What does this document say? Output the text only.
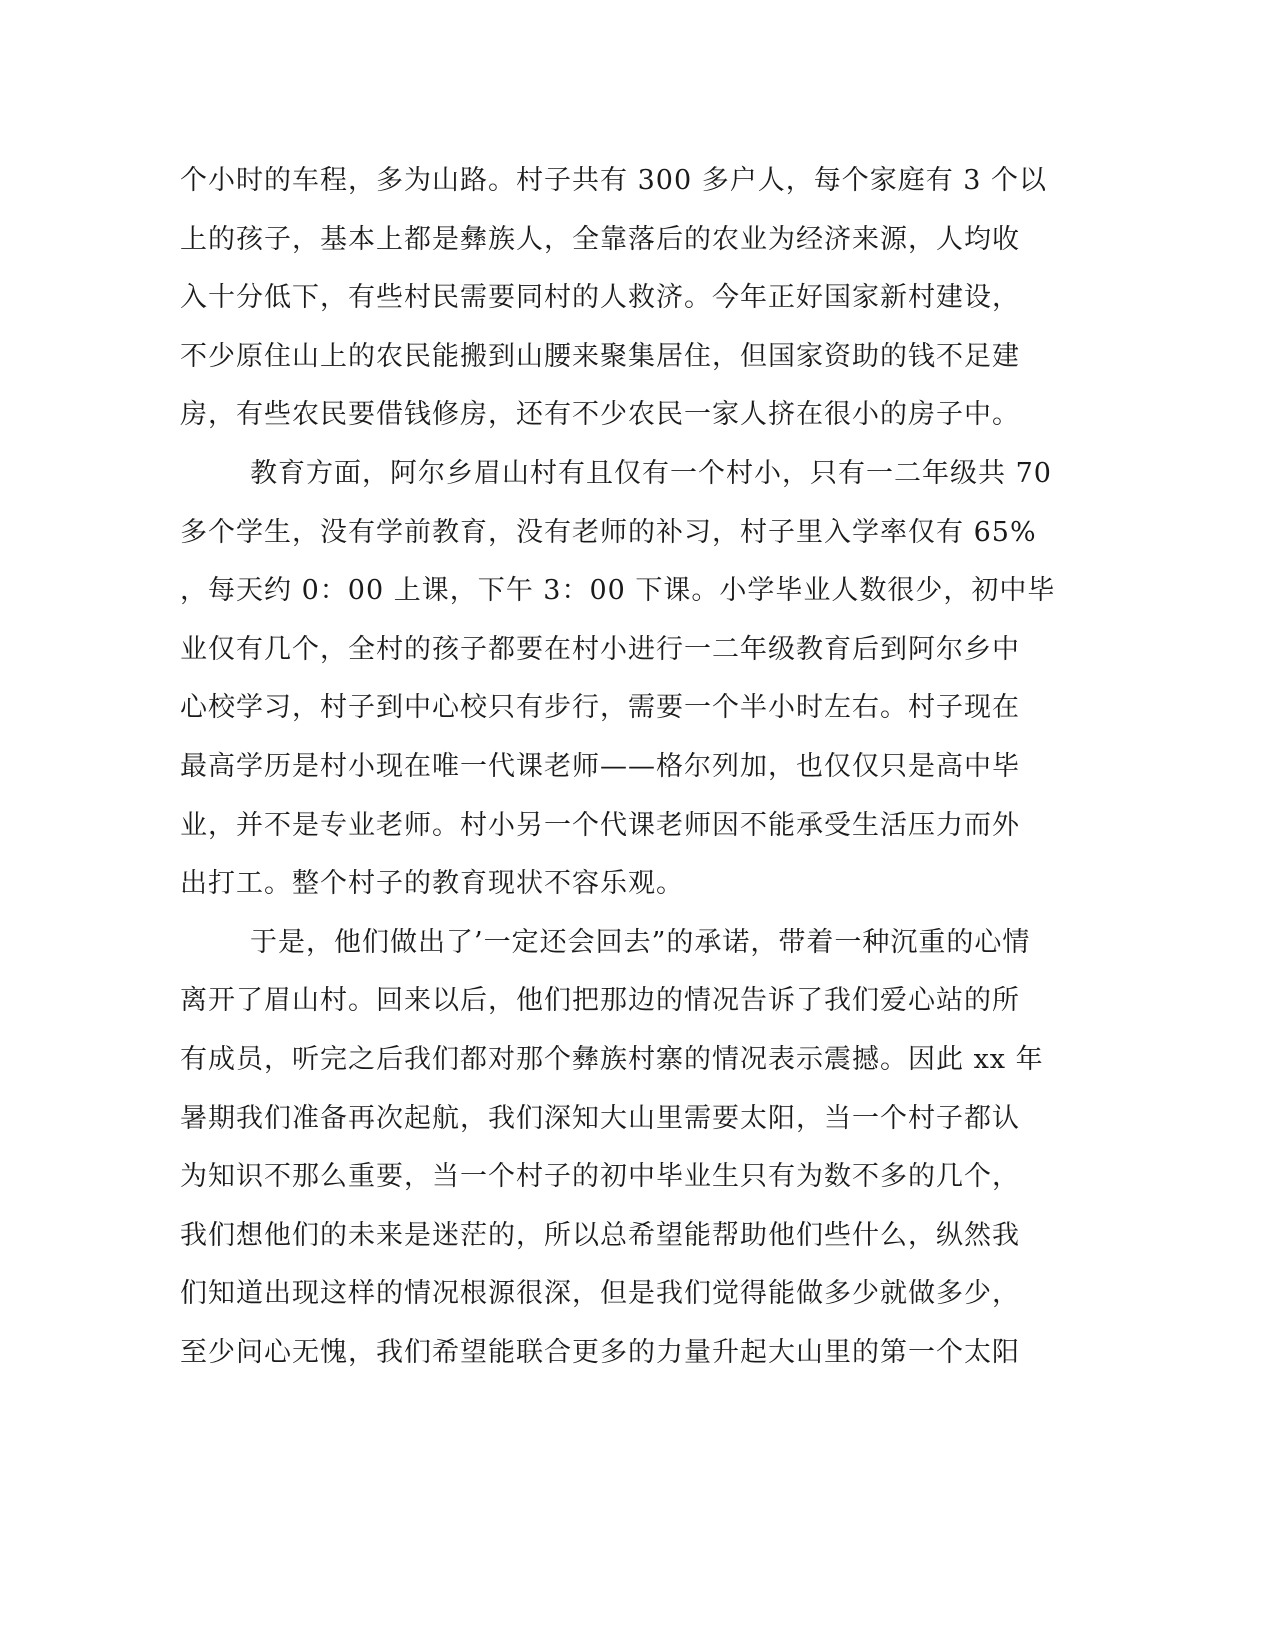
个小时的车程，多为山路。村子共有 300 多户人，每个家庭有 3 个以
上的孩子，基本上都是彝族人，全靠落后的农业为经济来源，人均收
入十分低下，有些村民需要同村的人救济。今年正好国家新村建设，
不少原住山上的农民能搬到山腰来聚集居住，但国家资助的钱不足建
房，有些农民要借钱修房，还有不少农民一家人挤在很小的房子中。
教育方面，阿尔乡眉山村有且仅有一个村小，只有一二年级共 70
多个学生，没有学前教育，没有老师的补习，村子里入学率仅有 65%
，每天约 0：00 上课，下午 3：00 下课。小学毕业人数很少，初中毕
业仅有几个，全村的孩子都要在村小进行一二年级教育后到阿尔乡中
心校学习，村子到中心校只有步行，需要一个半小时左右。村子现在
最高学历是村小现在唯一代课老师——格尔列加，也仅仅只是高中毕
业，并不是专业老师。村小另一个代课老师因不能承受生活压力而外
出打工。整个村子的教育现状不容乐观。
于是，他们做出了’一定还会回去”的承诺，带着一种沉重的心情
离开了眉山村。回来以后，他们把那边的情况告诉了我们爱心站的所
有成员，听完之后我们都对那个彝族村寨的情况表示震撼。因此 xx 年
暑期我们准备再次起航，我们深知大山里需要太阳，当一个村子都认
为知识不那么重要，当一个村子的初中毕业生只有为数不多的几个，
我们想他们的未来是迷茫的，所以总希望能帮助他们些什么，纵然我
们知道出现这样的情况根源很深，但是我们觉得能做多少就做多少，
至少问心无愧，我们希望能联合更多的力量升起大山里的第一个太阳
